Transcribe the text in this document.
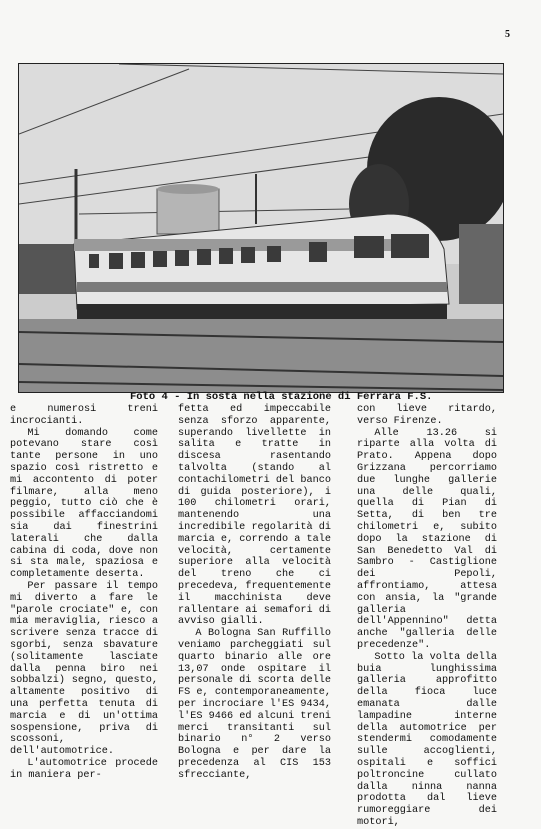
5
Foto 4 - In sosta nella stazione di Ferrara F.S.

e numerosi treni incrocianti.

Mi domando come potevano stare così tante persone in uno spazio così ristretto e mi accontento di poter filmare, alla meno peggio, tutto ciò che è possibile affacciandomi sia dai finestrini laterali che dalla cabina di coda, dove non si sta male, spaziosa e completamente deserta.

Per passare il tempo mi diverto a fare le "parole crociate" e, con mia meraviglia, riesco a scrivere senza tracce di sgorbi, senza sbavature (solitamente lasciate dalla penna biro nei sobbalzi) segno, questo, altamente positivo di una perfetta tenuta di marcia e di un'ottima sospensione, priva di scossoni, dell'automotrice.

L'automotrice procede in maniera per-

fetta ed impeccabile senza sforzo apparente, superando livellette in salita e tratte in discesa rasentando talvolta (stando al contachilometri del banco di guida posteriore), i 100 chilometri orari, mantenendo una incredibile regolarità di marcia e, correndo a tale velocità, certamente superiore alla velocità del treno che ci precedeva, frequentemente il macchinista deve rallentare ai semafori di avviso gialli.

A Bologna San Ruffillo veniamo parcheggiati sul quarto binario alle ore 13,07 onde ospitare il personale di scorta delle FS e, contemporaneamente, per incrociare l'ES 9434, l'ES 9466 ed alcuni treni merci transitanti sul binario n° 2 verso Bologna e per dare la precedenza al CIS 153 sfrecciante,

con lieve ritardo, verso Firenze.

Alle 13.26 si riparte alla volta di Prato. Appena dopo Grizzana percorriamo due lunghe gallerie una delle quali, quella di Pian di Setta, di ben tre chilometri e, subito dopo la stazione di San Benedetto Val di Sambro - Castiglione dei Pepoli, affrontiamo, attesa con ansia, la "grande galleria dell'Appennino" detta anche "galleria delle precedenze".

Sotto la volta della buia lunghissima galleria approfitto della fioca luce emanata dalle lampadine interne della automotrice per stendermi comodamente sulle accoglienti, ospitali e soffici poltroncine cullato dalla ninna nanna prodotta dal lieve rumoreggiare dei motori,
